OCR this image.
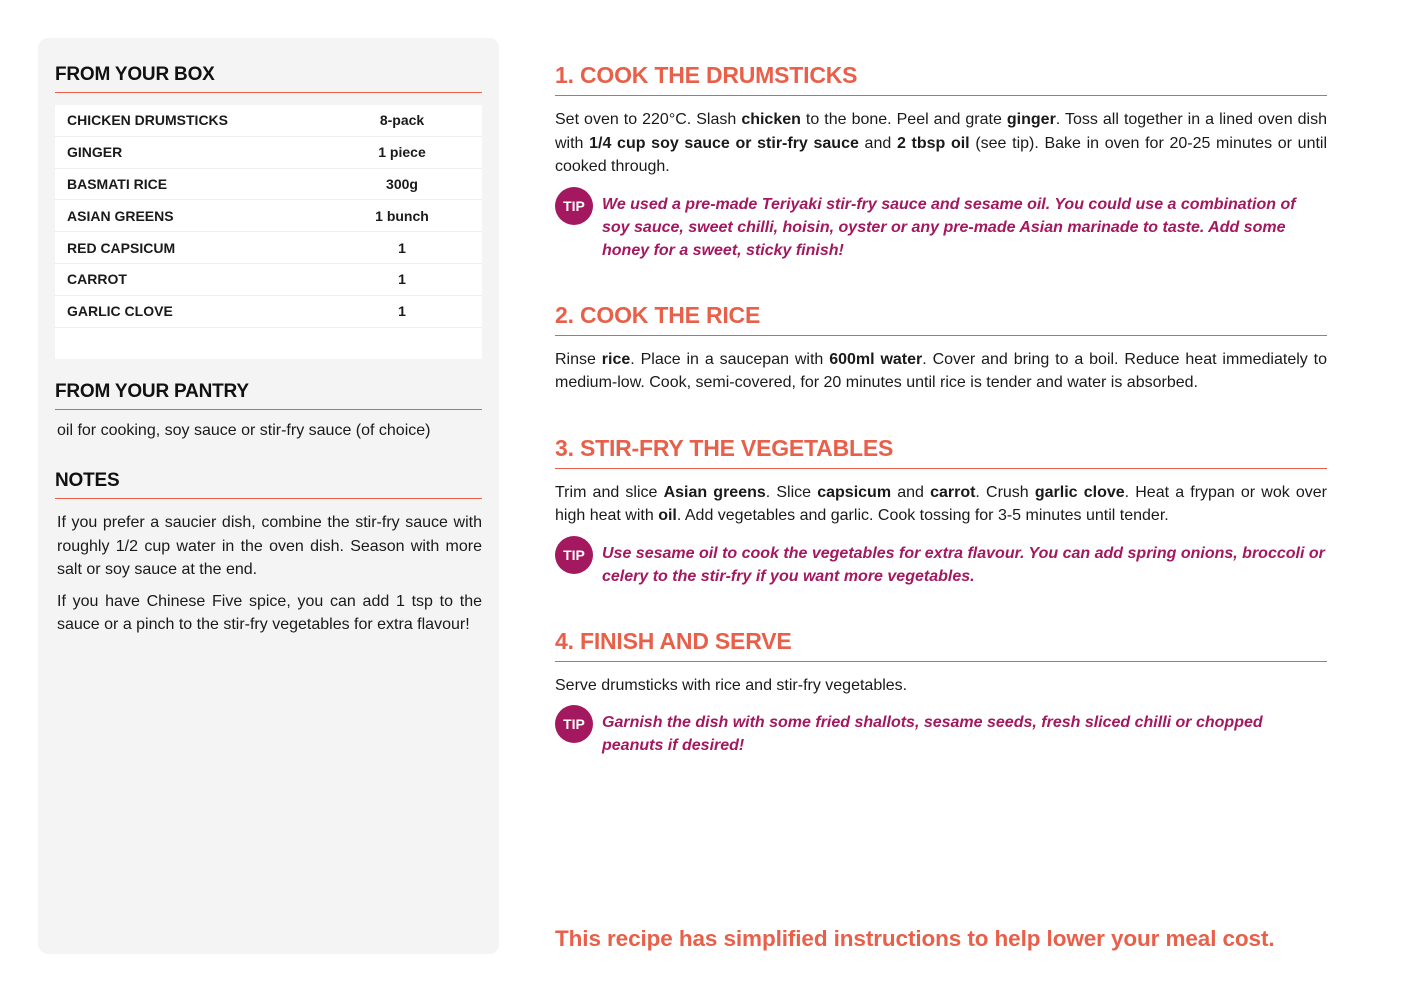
FROM YOUR BOX
CHICKEN DRUMSTICKS	8-pack
GINGER	1 piece
BASMATI RICE	300g
ASIAN GREENS	1 bunch
RED CAPSICUM	1
CARROT	1
GARLIC CLOVE	1
FROM YOUR PANTRY
oil for cooking, soy sauce or stir-fry sauce (of choice)
NOTES

If you prefer a saucier dish, combine the stir-fry sauce with roughly 1/2 cup water in the oven dish. Season with more salt or soy sauce at the end.

If you have Chinese Five spice, you can add 1 tsp to the sauce or a pinch to the stir-fry vegetables for extra flavour!

1. COOK THE DRUMSTICKS

Set oven to 220°C. Slash chicken to the bone. Peel and grate ginger. Toss all together in a lined oven dish with 1/4 cup soy sauce or stir-fry sauce and 2 tbsp oil (see tip). Bake in oven for 20-25 minutes or until cooked through.

TIP	We used a pre-made Teriyaki stir-fry sauce and sesame oil. You could use a combination of soy sauce, sweet chilli, hoisin, oyster or any pre-made Asian marinade to taste. Add some honey for a sweet, sticky finish!
2. COOK THE RICE

Rinse rice. Place in a saucepan with 600ml water. Cover and bring to a boil. Reduce heat immediately to medium-low. Cook, semi-covered, for 20 minutes until rice is tender and water is absorbed.

3. STIR-FRY THE VEGETABLES

Trim and slice Asian greens. Slice capsicum and carrot. Crush garlic clove. Heat a frypan or wok over high heat with oil. Add vegetables and garlic. Cook tossing for 3-5 minutes until tender.

TIP	Use sesame oil to cook the vegetables for extra flavour. You can add spring onions, broccoli or celery to the stir-fry if you want more vegetables.
4. FINISH AND SERVE

Serve drumsticks with rice and stir-fry vegetables.

TIP	Garnish the dish with some fried shallots, sesame seeds, fresh sliced chilli or chopped peanuts if desired!
This recipe has simplified instructions to help lower your meal cost.
